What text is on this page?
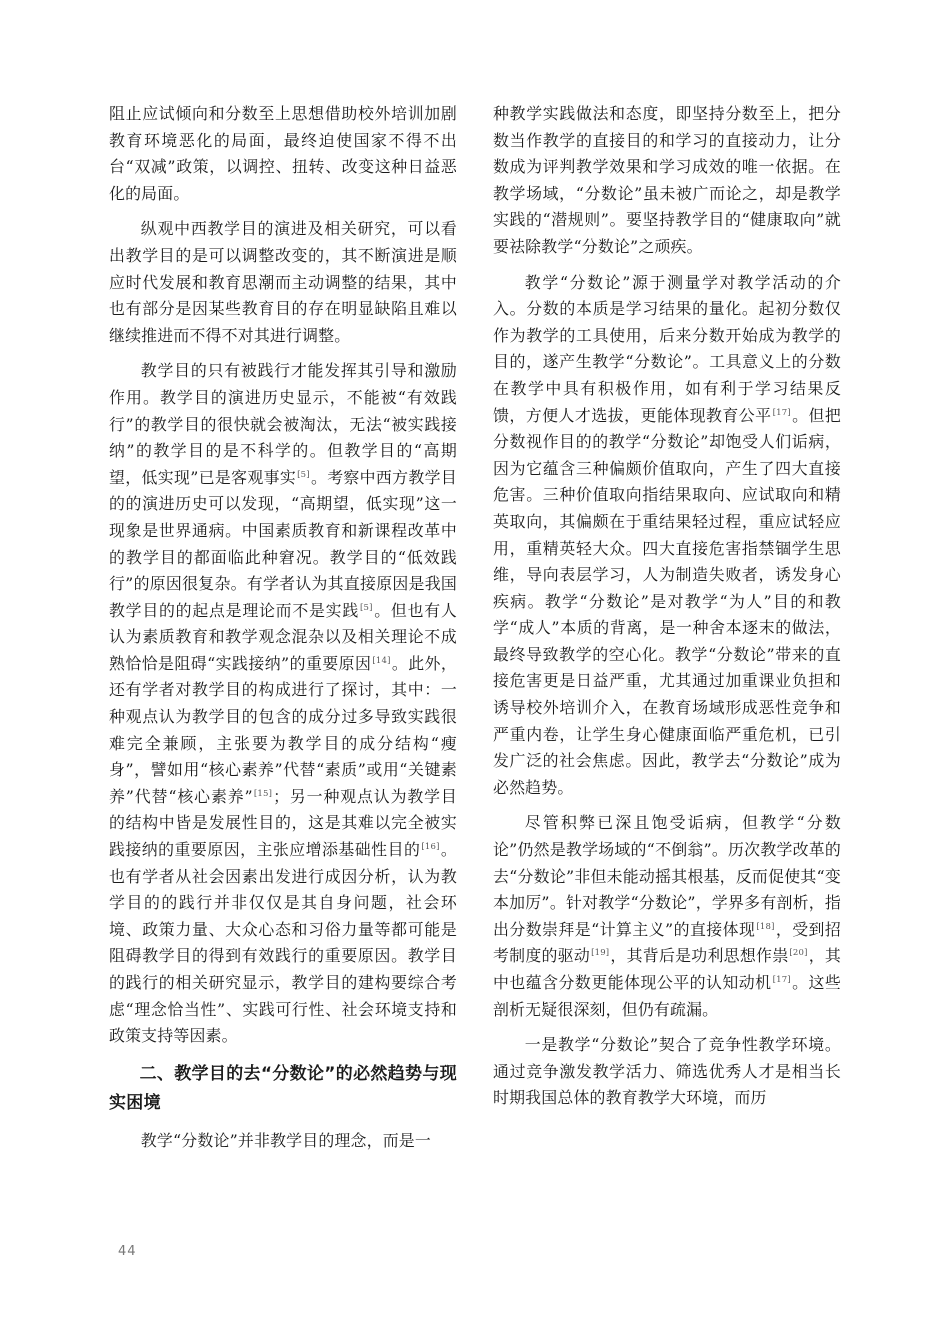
阻止应试倾向和分数至上思想借助校外培训加剧教育环境恶化的局面，最终迫使国家不得不出台“双减”政策，以调控、扭转、改变这种日益恶化的局面。

纵观中西教学目的演进及相关研究，可以看出教学目的是可以调整改变的，其不断演进是顺应时代发展和教育思潮而主动调整的结果，其中也有部分是因某些教育目的存在明显缺陷且难以继续推进而不得不对其进行调整。

教学目的只有被践行才能发挥其引导和激励作用。教学目的演进历史显示，不能被“有效践行”的教学目的很快就会被淘汰，无法“被实践接纳”的教学目的是不科学的。但教学目的“高期望，低实现”已是客观事实[5]。考察中西方教学目的的演进历史可以发现，“高期望，低实现”这一现象是世界通病。中国素质教育和新课程改革中的教学目的都面临此种窘况。教学目的“低效践行”的原因很复杂。有学者认为其直接原因是我国教学目的的起点是理论而不是实践[5]。但也有人认为素质教育和教学观念混杂以及相关理论不成熟恰恰是阻碍“实践接纳”的重要原因[14]。此外，还有学者对教学目的构成进行了探讨，其中：一种观点认为教学目的包含的成分过多导致实践很难完全兼顾，主张要为教学目的成分结构“瘦身”，譬如用“核心素养”代替“素质”或用“关键素养”代替“核心素养”[15]；另一种观点认为教学目的结构中皆是发展性目的，这是其难以完全被实践接纳的重要原因，主张应增添基础性目的[16]。也有学者从社会因素出发进行成因分析，认为教学目的的践行并非仅仅是其自身问题，社会环境、政策力量、大众心态和习俗力量等都可能是阻碍教学目的得到有效践行的重要原因。教学目的践行的相关研究显示，教学目的建构要综合考虑“理念恰当性”、实践可行性、社会环境支持和政策支持等因素。

二、教学目的去“分数论”的必然趋势与现实困境

教学“分数论”并非教学目的理念，而是一

种教学实践做法和态度，即坚持分数至上，把分数当作教学的直接目的和学习的直接动力，让分数成为评判教学效果和学习成效的唯一依据。在教学场域，“分数论”虽未被广而论之，却是教学实践的“潜规则”。要坚持教学目的“健康取向”就要祛除教学“分数论”之顽疾。

教学“分数论”源于测量学对教学活动的介入。分数的本质是学习结果的量化。起初分数仅作为教学的工具使用，后来分数开始成为教学的目的，遂产生教学“分数论”。工具意义上的分数在教学中具有积极作用，如有利于学习结果反馈，方便人才选拔，更能体现教育公平[17]。但把分数视作目的的教学“分数论”却饱受人们诟病，因为它蕴含三种偏颇价值取向，产生了四大直接危害。三种价值取向指结果取向、应试取向和精英取向，其偏颇在于重结果轻过程，重应试轻应用，重精英轻大众。四大直接危害指禁锢学生思维，导向表层学习，人为制造失败者，诱发身心疾病。教学“分数论”是对教学“为人”目的和教学“成人”本质的背离，是一种舍本逐末的做法，最终导致教学的空心化。教学“分数论”带来的直接危害更是日益严重，尤其通过加重课业负担和诱导校外培训介入，在教育场域形成恶性竞争和严重内卷，让学生身心健康面临严重危机，已引发广泛的社会焦虑。因此，教学去“分数论”成为必然趋势。

尽管积弊已深且饱受诟病，但教学“分数论”仍然是教学场域的“不倒翁”。历次教学改革的去“分数论”非但未能动摇其根基，反而促使其“变本加厉”。针对教学“分数论”，学界多有剖析，指出分数崇拜是“计算主义”的直接体现[18]，受到招考制度的驱动[19]，其背后是功利思想作祟[20]，其中也蕴含分数更能体现公平的认知动机[17]。这些剖析无疑很深刻，但仍有疏漏。

一是教学“分数论”契合了竞争性教学环境。通过竞争激发教学活力、筛选优秀人才是相当长时期我国总体的教育教学大环境，而历

44
